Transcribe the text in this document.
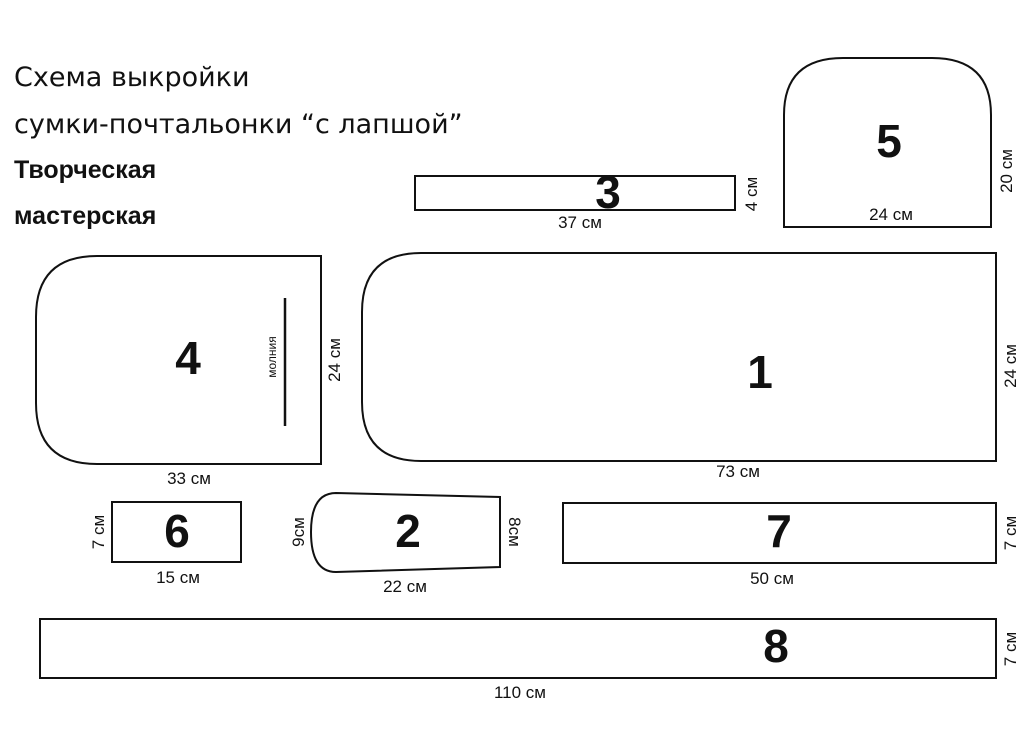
Схема выкройки
сумки-почтальонки “с лапшой”
Творческая
мастерская	3
37 см
4 см
5
24 см
20 см
4	молния
33 см
24 см	1
73 см
24 см
6
15 см
7 см	2
22 см
9см	8см	7
50 см
7 см
8
110 см
7 см
